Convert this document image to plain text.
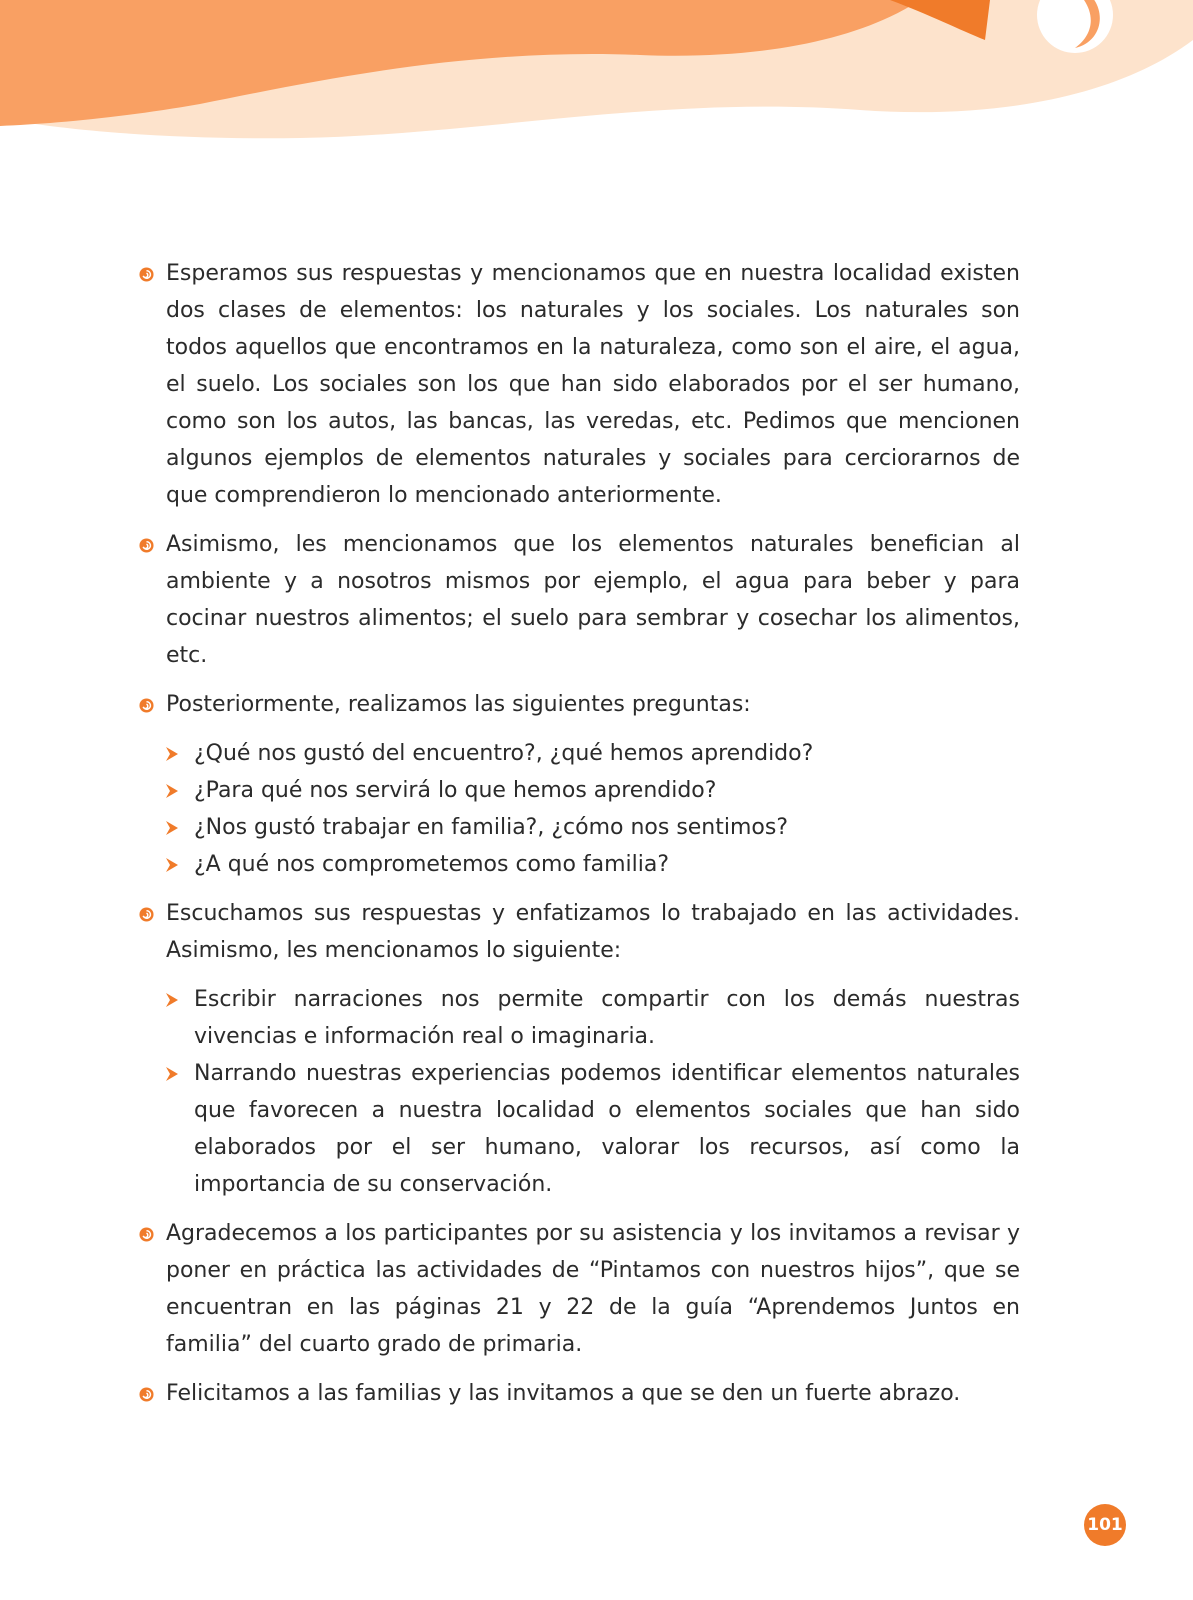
Esperamos sus respuestas y mencionamos que en nuestra localidad existen dos clases de elementos: los naturales y los sociales. Los naturales son todos aquellos que encontramos en la naturaleza, como son el aire, el agua, el suelo. Los sociales son los que han sido elaborados por el ser humano, como son los autos, las bancas, las veredas, etc. Pedimos que mencionen algunos ejemplos de elementos naturales y sociales para cerciorarnos de que comprendieron lo mencionado anteriormente.
Asimismo, les mencionamos que los elementos naturales benefician al ambiente y a nosotros mismos por ejemplo, el agua para beber y para cocinar nuestros alimentos; el suelo para sembrar y cosechar los alimentos, etc.
Posteriormente, realizamos las siguientes preguntas:
¿Qué nos gustó del encuentro?, ¿qué hemos aprendido?
¿Para qué nos servirá lo que hemos aprendido?
¿Nos gustó trabajar en familia?, ¿cómo nos sentimos?
¿A qué nos comprometemos como familia?
Escuchamos sus respuestas y enfatizamos lo trabajado en las actividades. Asimismo, les mencionamos lo siguiente:
Escribir narraciones nos permite compartir con los demás nuestras vivencias e información real o imaginaria.
Narrando nuestras experiencias podemos identificar elementos naturales que favorecen a nuestra localidad o elementos sociales que han sido elaborados por el ser humano, valorar los recursos, así como la importancia de su conservación.
Agradecemos a los participantes por su asistencia y los invitamos a revisar y poner en práctica las actividades de “Pintamos con nuestros hijos”, que se encuentran en las páginas 21 y 22 de la guía “Aprendemos Juntos en familia” del cuarto grado de primaria.
Felicitamos a las familias y las invitamos a que se den un fuerte abrazo.
101
